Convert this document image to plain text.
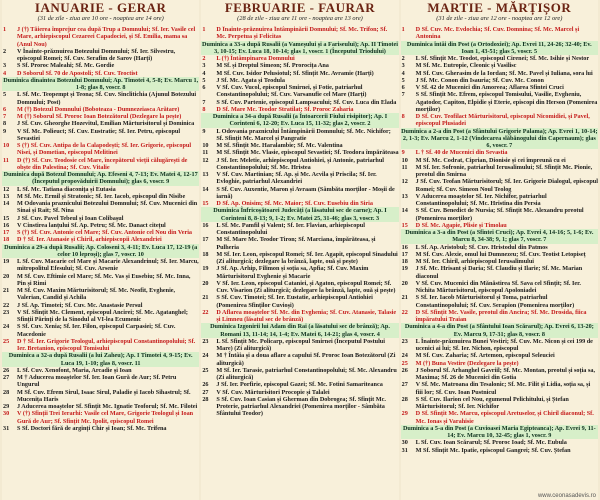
IANUARIE - GERAR
(31 de zile - ziua are 10 ore - noaptea are 14 ore)
1	J (†) Tăierea împrejur cea după Trup a Domnului; Sf. Ier. Vasile cel Mare, arhiepiscopul Cezareei Capadociei, și Sf. Emilia, mama sa (Anul Nou)
2	V Înainte-prăznuirea Botezului Domnului; Sf. Ier. Silvestru, episcopul Romei; Sf. Cuv. Serafim de Sarov (Harți)
3	S Sf. Proroc Maleahi; Sf. Mc. Gordie
4	D Soborul Sf. 70 de Apostoli; Sf. Cuv. Teoctist
Duminica dinaintea Botezului Domnului; Ap. Timotei 4, 5-8; Ev. Marcu 1, 1-8; glas 8, voscr. 8
5	L Sf. Mc. Teopempt și Teona; Sf. Cuv. Sinclitichia (Ajunul Botezului Domnului; Post)
6	M (†) Botezul Domnului (Boboteaza - Dumnezeiasca Arătare)
7	M (†) Soborul Sf. Proroc Ioan Botezătorul (Dezlegare la pește)
8	J Sf. Cuv. Gheorghe Hozevitul, Emilian Mărturisitorul și Dominica
9	V Sf. Mc. Polieuct; Sf. Cuv. Eustratie; Sf. Ier. Petru, episcopul Sevastiei
10	S (†) Sf. Cuv. Antipa de la Calapodești; Sf. Ier. Grigorie, episcopul Nisei, și Dometian, episcopul Melitinei
11	D (†) Sf. Cuv. Teodosie cel Mare, începătorul vieții călugărești de obște din Palestina; Sf. Cuv. Vitalie
Duminica după Botezul Domnului; Ap. Efeseni 4, 7-13; Ev. Matei 4, 12-17 (Începutul propovăduirii Domnului); glas 6, voscr. 9
12	L Sf. Mc. Tatiana diaconița și Eutasia
13	M Sf. Mc. Ermil și Stratonic; Sf. Ier. Iacob, episcopul din Nisibe
14	M Odovania praznicului Botezului Domnului; Sf. Cuv. Mucenici din Sinai și Rait; Sf. Nina
15	J Sf. Cuv. Pavel Tebeul și Ioan Colibașul
16	V Cinstirea lanțului Sf. Ap. Petru; Sf. Mc. Danact citețul
17	S (†) Sf. Cuv. Antonie cel Mare; Sf. Cuv. Antonie cel Nou din Veria
18	D † Sf. Ier. Atanasie și Chiril, arhiepiscopii Alexandriei
Duminica a 29-a după Rusalii; Ap. Coloseni 3, 4-11; Ev. Luca 17, 12-19 (a celor 10 leproși); glas 7, voscr. 10
19	L Sf. Cuv. Macarie cel Mare și Macarie Alexandrinul; Sf. Ier. Marcu, mitropolitul Efesului; Sf. Cuv. Arsenie
20	M Sf. Cuv. Eftimie cel Mare; Sf. Mc. Vas și Eusebiu; Sf. Mc. Inna, Pin și Rimi
21	M Sf. Cuv. Maxim Mărturisitorul; Sf. Mc. Neofit, Evghenie, Valerian, Candid și Achila
22	J Sf. Ap. Timotei; Sf. Cuv. Mc. Anastasie Persul
23	V Sf. Sfințit Mc. Clement, episcopul Ancirei; Sf. Mc. Agatanghel; Sfinții Părinți de la Sinodul al VI-lea Ecumenic
24	S Sf. Cuv. Xenia; Sf. Ier. Filon, episcopul Carpasiei; Sf. Cuv. Macedonie
25	D † Sf. Ier. Grigorie Teologul, arhiepiscopul Constantinopolului; Sf. Ier. Bretanion, episcopul Tomisului
Duminica a 32-a după Rusalii (a lui Zaheu); Ap. I Timotei 4, 9-15; Ev. Luca 19, 1-10; glas 8, voscr. 11
26	L Sf. Cuv. Xenofont, Maria, Arcadie și Ioan
27	M † Aducerea moaștelor Sf. Ier. Ioan Gură de Aur; Sf. Petru Ungurul
28	M Sf. Cuv. Efrem Sirul, Isaac Sirul, Paladie și Iacob Sihastrul; Sf. Mucenița Haris
29	J Aducerea moaștelor Sf. Sfințit Mc. Ignatie Teoforul; Sf. Mc. Filotei
30	V (†) Sfinții Trei Ierarhi: Vasile cel Mare, Grigorie Teologul și Ioan Gură de Aur; Sf. Sfințit Mc. Ipolit, episcopul Romei
31	S Sf. Doctori fără de arginți Chir și Ioan; Sf. Mc. Trifena
FEBRUARIE - FAURAR
(28 de zile - ziua are 11 ore - noaptea are 13 ore)
1	D Înainte-prăznuirea Întâmpinării Domnului; Sf. Mc. Trifon; Sf. Mc. Perpetua și Felicitas
Duminica a 33-a după Rusalii (a Vameșului și a Fariseului); Ap. II Timotei 3, 10-15; Ev. Luca 18, 10-14; glas 1, voscr. 1 (Începutul Triodului)
2	L (†) Întâmpinarea Domnului
3	M Sf. și Dreptul Simeon; Sf. Prorocița Ana
4	M Sf. Cuv. Isidor Pelusiotul; Sf. Sfințit Mc. Avramie (Harți)
5	J Sf. Mc. Agata și Teodula
6	V Sf. Cuv. Vucol, episcopul Smirnei, și Fotie, patriarhul Constantinopolului; Sf. Cuv. Varsanufie cel Mare (Harți)
7	S Sf. Cuv. Partenie, episcopul Lampsacului; Sf. Cuv. Luca din Elada
8	D Sf. Mare Mc. Teodor Stratilat; Sf. Proroc Zaharia
Duminica a 34-a după Rusalii (a Întoarcerii Fiului risipitor); Ap. I Corinteni 6, 12-20; Ev. Luca 15, 11-32; glas 2, voscr. 2
9	L Odovania praznicului Întâmpinării Domnului; Sf. Mc. Nichifor; Sf. Sfințit Mc. Marcel și Pangratie
10	M Sf. Sfințit Mc. Haralambie; Sf. Mc. Valentina
11	M Sf. Sfințit Mc. Vlasie, episcopul Sevastiei; Sf. Teodora împărăteasa
12	J Sf. Ier. Meletie, arhiepiscopul Antiohiei, și Antonie, patriarhul Constantinopolului; Sf. Mc. Hristea
13	V Sf. Cuv. Martinian; Sf. Ap. și Mc. Acvila și Priscila; Sf. Ier. Evloghie, patriarhul Alexandriei
14	S Sf. Cuv. Auxentie, Maron și Avraam (Sâmbăta morților - Moșii de iarnă)
15	D Sf. Ap. Onisim; Sf. Mc. Maior; Sf. Cuv. Eusebiu din Siria
Duminica Înfricoșătoarei Judecăți (a lăsatului sec de carne); Ap. I Corinteni 8, 8-13; 9, 1-2; Ev. Matei 25, 31-46; glas 3, voscr. 3
16	L Sf. Mc. Pamfil și Valent; Sf. Ier. Flavian, arhiepiscopul Constantinopolului
17	M Sf. Mare Mc. Teodor Tiron; Sf. Marciana, împărăteasa, și Pulheria
18	M Sf. Ier. Leon, episcopul Romei; Sf. Ier. Agapit, episcopul Sinadului (Zi aliturgică; dezlegare la brânză, lapte, ouă și pește)
19	J Sf. Ap. Arhip, Filimon și soția sa, Apfia; Sf. Cuv. Maxim Mărturisitorul Evghenie și Macarie
20	V Sf. Ier. Leon, episcopul Cataniei, și Agaton, episcopul Romei; Sf. Cuv. Visarion (Zi aliturgică; dezlegare la brânză, lapte, ouă și pește)
21	S Sf. Cuv. Timotei; Sf. Ier. Eustatie, arhiepiscopul Antiohiei (Pomenirea Sfinților Cuvioși)
22	D Aflarea moaștelor Sf. Mc. din Evghenia; Sf. Cuv. Atanasie, Talasie și Limneu (lăsatul sec de brânză)
Duminica Izgonirii lui Adam din Rai (a lăsatului sec de brânză); Ap. Romani 13, 11-14; 14, 1-4; Ev. Matei 6, 14-21; glas 4, voscr. 4
23	L Sf. Sfințit Mc. Policarp, episcopul Smirnei (Începutul Postului Mare) (Zi aliturgică)
24	M † Întâia și a doua aflare a capului Sf. Proroc Ioan Botezătorul (Zi aliturgică)
25	M Sf. Ier. Tarasie, patriarhul Constantinopolului; Sf. Mc. Alexandru (Zi aliturgică)
26	J Sf. Ier. Porfirie, episcopul Gazei; Sf. Mc. Fotini Samariteanca
27	V Sf. Cuv. Mărturisitori Procopie și Talalei
28	S Sf. Cuv. Ioan Casian și Gherman din Dobrogea; Sf. Sfințit Mc. Proterie, patriarhul Alexandriei (Pomenirea morților - Sâmbăta Sfântului Teodor)
MARTIE - MĂRȚIȘOR
(31 de zile - ziua are 12 ore - noaptea are 12 ore)
1	D Sf. Cuv. Mc. Evdochia; Sf. Cuv. Domnina; Sf. Mc. Marcel și Antonina
Duminica întâi din Post (a Ortodoxiei); Ap. Evrei 11, 24-26; 32-40; Ev. Ioan 1, 43-51; glas 5, voscr. 5
2	L Sf. Sfințit Mc. Teodot, episcopul Cirenei; Sf. Mc. Isihie și Nestor
3	M Sf. Mc. Eutropie, Cleonic și Vasilisc
4	M Sf. Cuv. Gherasim de la Iordan; Sf. Mc. Pavel și Iuliana, sora lui
5	J Sf. Mc. Conon din Isauria; Sf. Cuv. Mc. Conon
6	V Sf. 42 de Mucenici din Amoreea; Aflarea Sfintei Cruci
7	S Sf. Sfințit Mc. Efrem, episcopul Tomisului, Vasilie, Evgheniu, Agatodor, Capiton, Elpidie și Eterie, episcopi din Herson (Pomenirea morților)
8	D Sf. Cuv. Teofilact Mărturisitorul, episcopul Nicomidiei, și Pavel, episcopul Plusiadei
Duminica a 2-a din Post (a Sfântului Grigorie Palama); Ap. Evrei 1, 10-14; 2, 1-3; Ev. Marcu 2, 1-12 (Vindecarea slăbănogului din Capernaum); glas 6, voscr. 7
9	L † Sf. 40 de Mucenici din Sevastia
10	M Sf. Mc. Codrat, Ciprian, Dionisie și cei împreună cu ei
11	M Sf. Ier. Sofronie, patriarhul Ierusalimului; Sf. Sfințit Mc. Pionie, preotul din Smirna
12	J Sf. Cuv. Teofan Mărturisitorul; Sf. Ier. Grigorie Dialogul, episcopul Romei; Sf. Cuv. Simeon Noul Teolog
13	V Aducerea moaștelor Sf. Ier. Nichifor, patriarhul Constantinopolului; Sf. Mc. Hristina din Persia
14	S Sf. Cuv. Benedict de Nursia; Sf. Sfințit Mc. Alexandru preotul (Pomenirea morților)
15	D Sf. Mc. Agapie, Plisie și Timolau
Duminica a 3-a din Post (a Sfintei Cruci); Ap. Evrei 4, 14-16; 5, 1-6; Ev. Marcu 8, 34-38; 9, 1; glas 7, voscr. 7
16	L Sf. Ap. Aristobul; Sf. Cuv. Hristodul din Patmos
17	M Sf. Cuv. Alexie, omul lui Dumnezeu; Sf. Cuv. Teotist Letopiseț
18	M Sf. Ier. Chiril, arhiepiscopul Ierusalimului
19	J Sf. Mc. Hrisant și Daria; Sf. Claudiu și Ilarie; Sf. Mc. Marian diaconul
20	V Sf. Cuv. Mucenici din Mănăstirea Sf. Sava cel Sfințit; Sf. Ier. Nichita Mărturisitorul, episcopul Apoloniadei
21	S Sf. Ier. Iacob Mărturisitorul și Toma, patriarhul Constantinopolului; Sf. Cuv. Serapion (Pomenirea morților)
22	D Sf. Sfințit Mc. Vasile, preotul din Ancira; Sf. Mc. Drosida, fiica împăratului Traian
Duminica a 4-a din Post (a Sfântului Ioan Scărarul); Ap. Evrei 6, 13-20; Ev. Marcu 9, 17-31; glas 8, voscr. 8
23	L Înainte-prăznuirea Bunei Vestiri; Sf. Cuv. Mc. Nicon și cei 199 de ucenici ai lui; Sf. Ier. Nichon, episcopul
24	M Sf. Cuv. Zaharia; Sf. Artemon, episcopul Seleuciei
25	M (†) Buna Vestire (Dezlegare la pește)
26	J Soborul Sf. Arhanghel Gavriil; Sf. Mc. Montan, preotul și soția sa, Maxima; Sf. 26 de Mucenici din Gotia
27	V Sf. Mc. Matroana din Tesalonic; Sf. Mc. Filit și Lidia, soția sa, și fiii lor; Sf. Cuv. Ioan Pustnicul
28	S Sf. Cuv. Ilarion cel Nou, egumenul Pelichitului, și Ștefan Mărturisitorul; Sf. Ier. Nichifor
29	D Sf. Sfințit Mc. Marcu, episcopul Aretuselor, și Chiril diaconul; Sf. Mc. Ionas și Varahisie
Duminica a 5-a din Post (a Cuvioasei Maria Egipteanca); Ap. Evrei 9, 11-14; Ev. Marcu 10, 32-45; glas 1, voscr. 9
30	L Sf. Cuv. Ioan Scărarul; Sf. Proroc Ioad; Sf. Mc. Eubula
31	M Sf. Sfințit Mc. Ipatie, episcopul Gangrei; Sf. Cuv. Ștefan
www.ceonasadevis.ro
